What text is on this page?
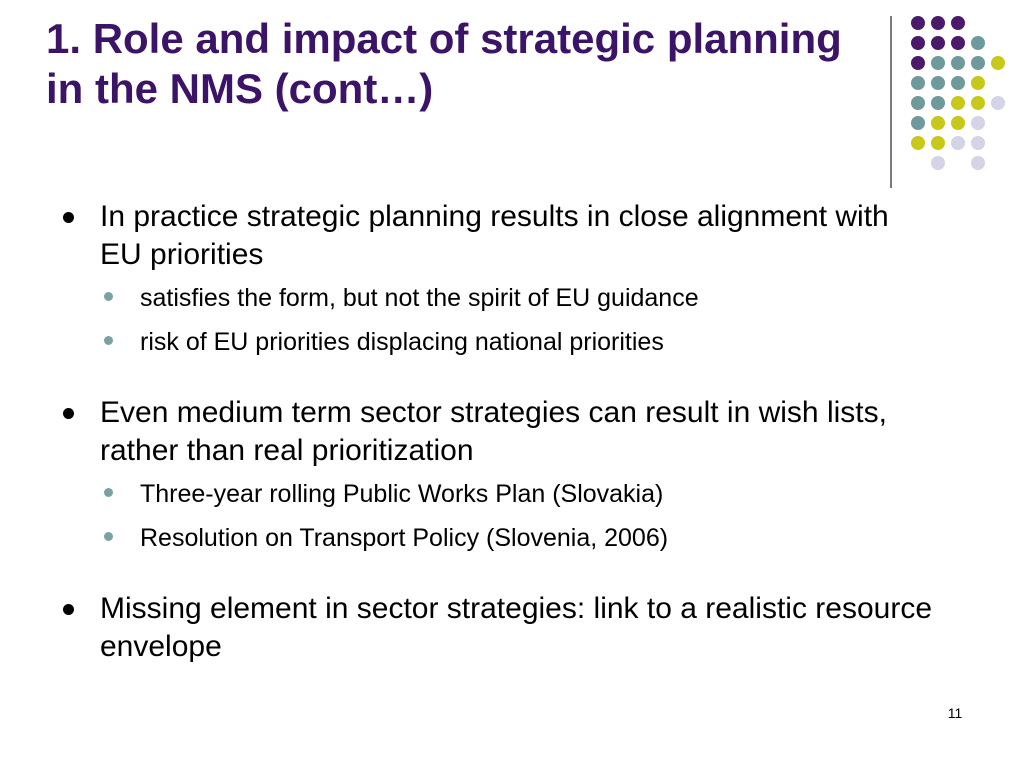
1. Role and impact of strategic planning in the NMS (cont…)
In practice strategic planning results in close alignment with EU priorities
satisfies the form, but not the spirit of EU guidance
risk of EU priorities displacing national priorities
Even medium term sector strategies can result in wish lists, rather than real prioritization
Three-year rolling Public Works Plan (Slovakia)
Resolution on Transport Policy (Slovenia, 2006)
Missing element in sector strategies: link to a realistic resource envelope
11
